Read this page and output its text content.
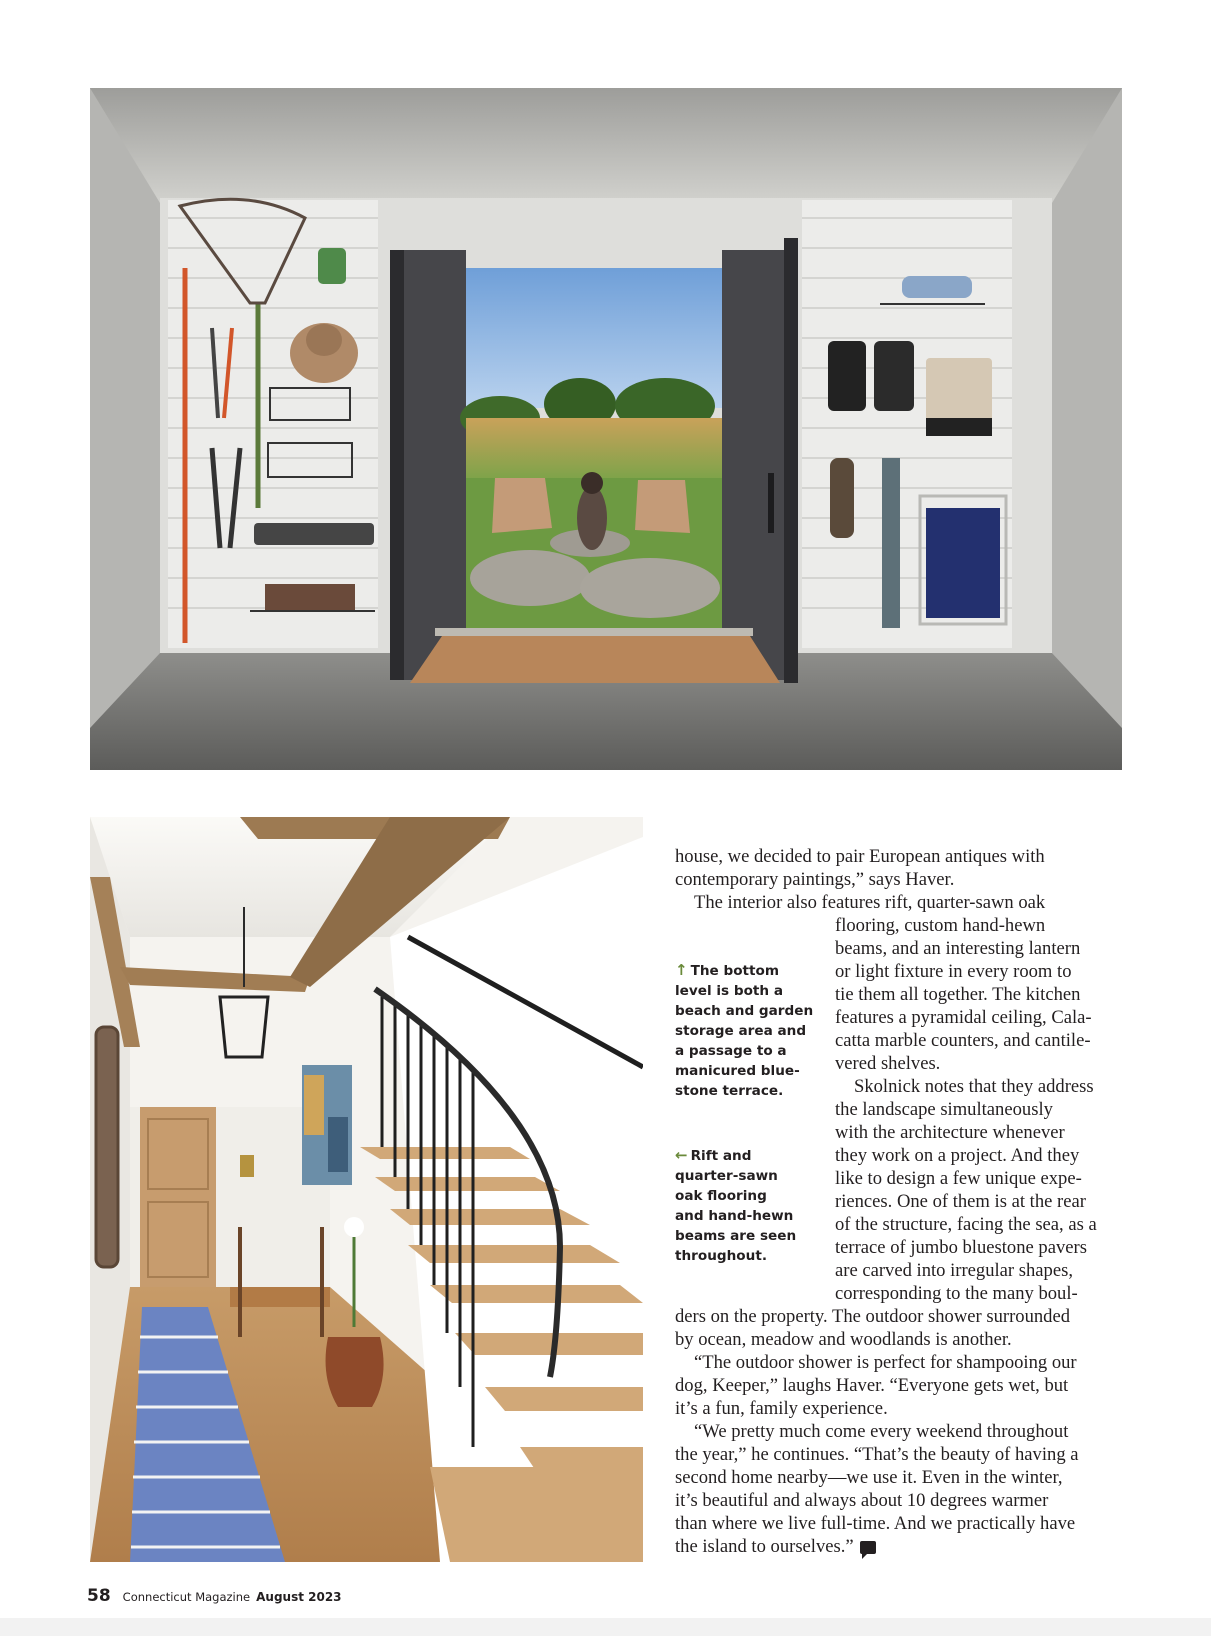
↑ The bottom
level is both a
beach and garden
storage area and
a passage to a
manicured blue-
stone terrace.
← Rift and
quarter-sawn
oak flooring
and hand-hewn
beams are seen
throughout.

house, we decided to pair European antiques with

contemporary paintings,” says Haver.

The interior also features rift, quarter-sawn oak

flooring, custom hand-hewn

beams, and an interesting lantern

or light fixture in every room to

tie them all together. The kitchen

features a pyramidal ceiling, Cala-

catta marble counters, and cantile-

vered shelves.

Skolnick notes that they address

the landscape simultaneously

with the architecture whenever

they work on a project. And they

like to design a few unique expe-

riences. One of them is at the rear

of the structure, facing the sea, as a

terrace of jumbo bluestone pavers

are carved into irregular shapes,

corresponding to the many boul-

ders on the property. The outdoor shower surrounded

by ocean, meadow and woodlands is another.

“The outdoor shower is perfect for shampooing our

dog, Keeper,” laughs Haver. “Everyone gets wet, but

it’s a fun, family experience.

“We pretty much come every weekend throughout

the year,” he continues. “That’s the beauty of having a

second home nearby—we use it. Even in the winter,

it’s beautiful and always about 10 degrees warmer

than where we live full-time. And we practically have

the island to ourselves.”

58 Connecticut Magazine August 2023
